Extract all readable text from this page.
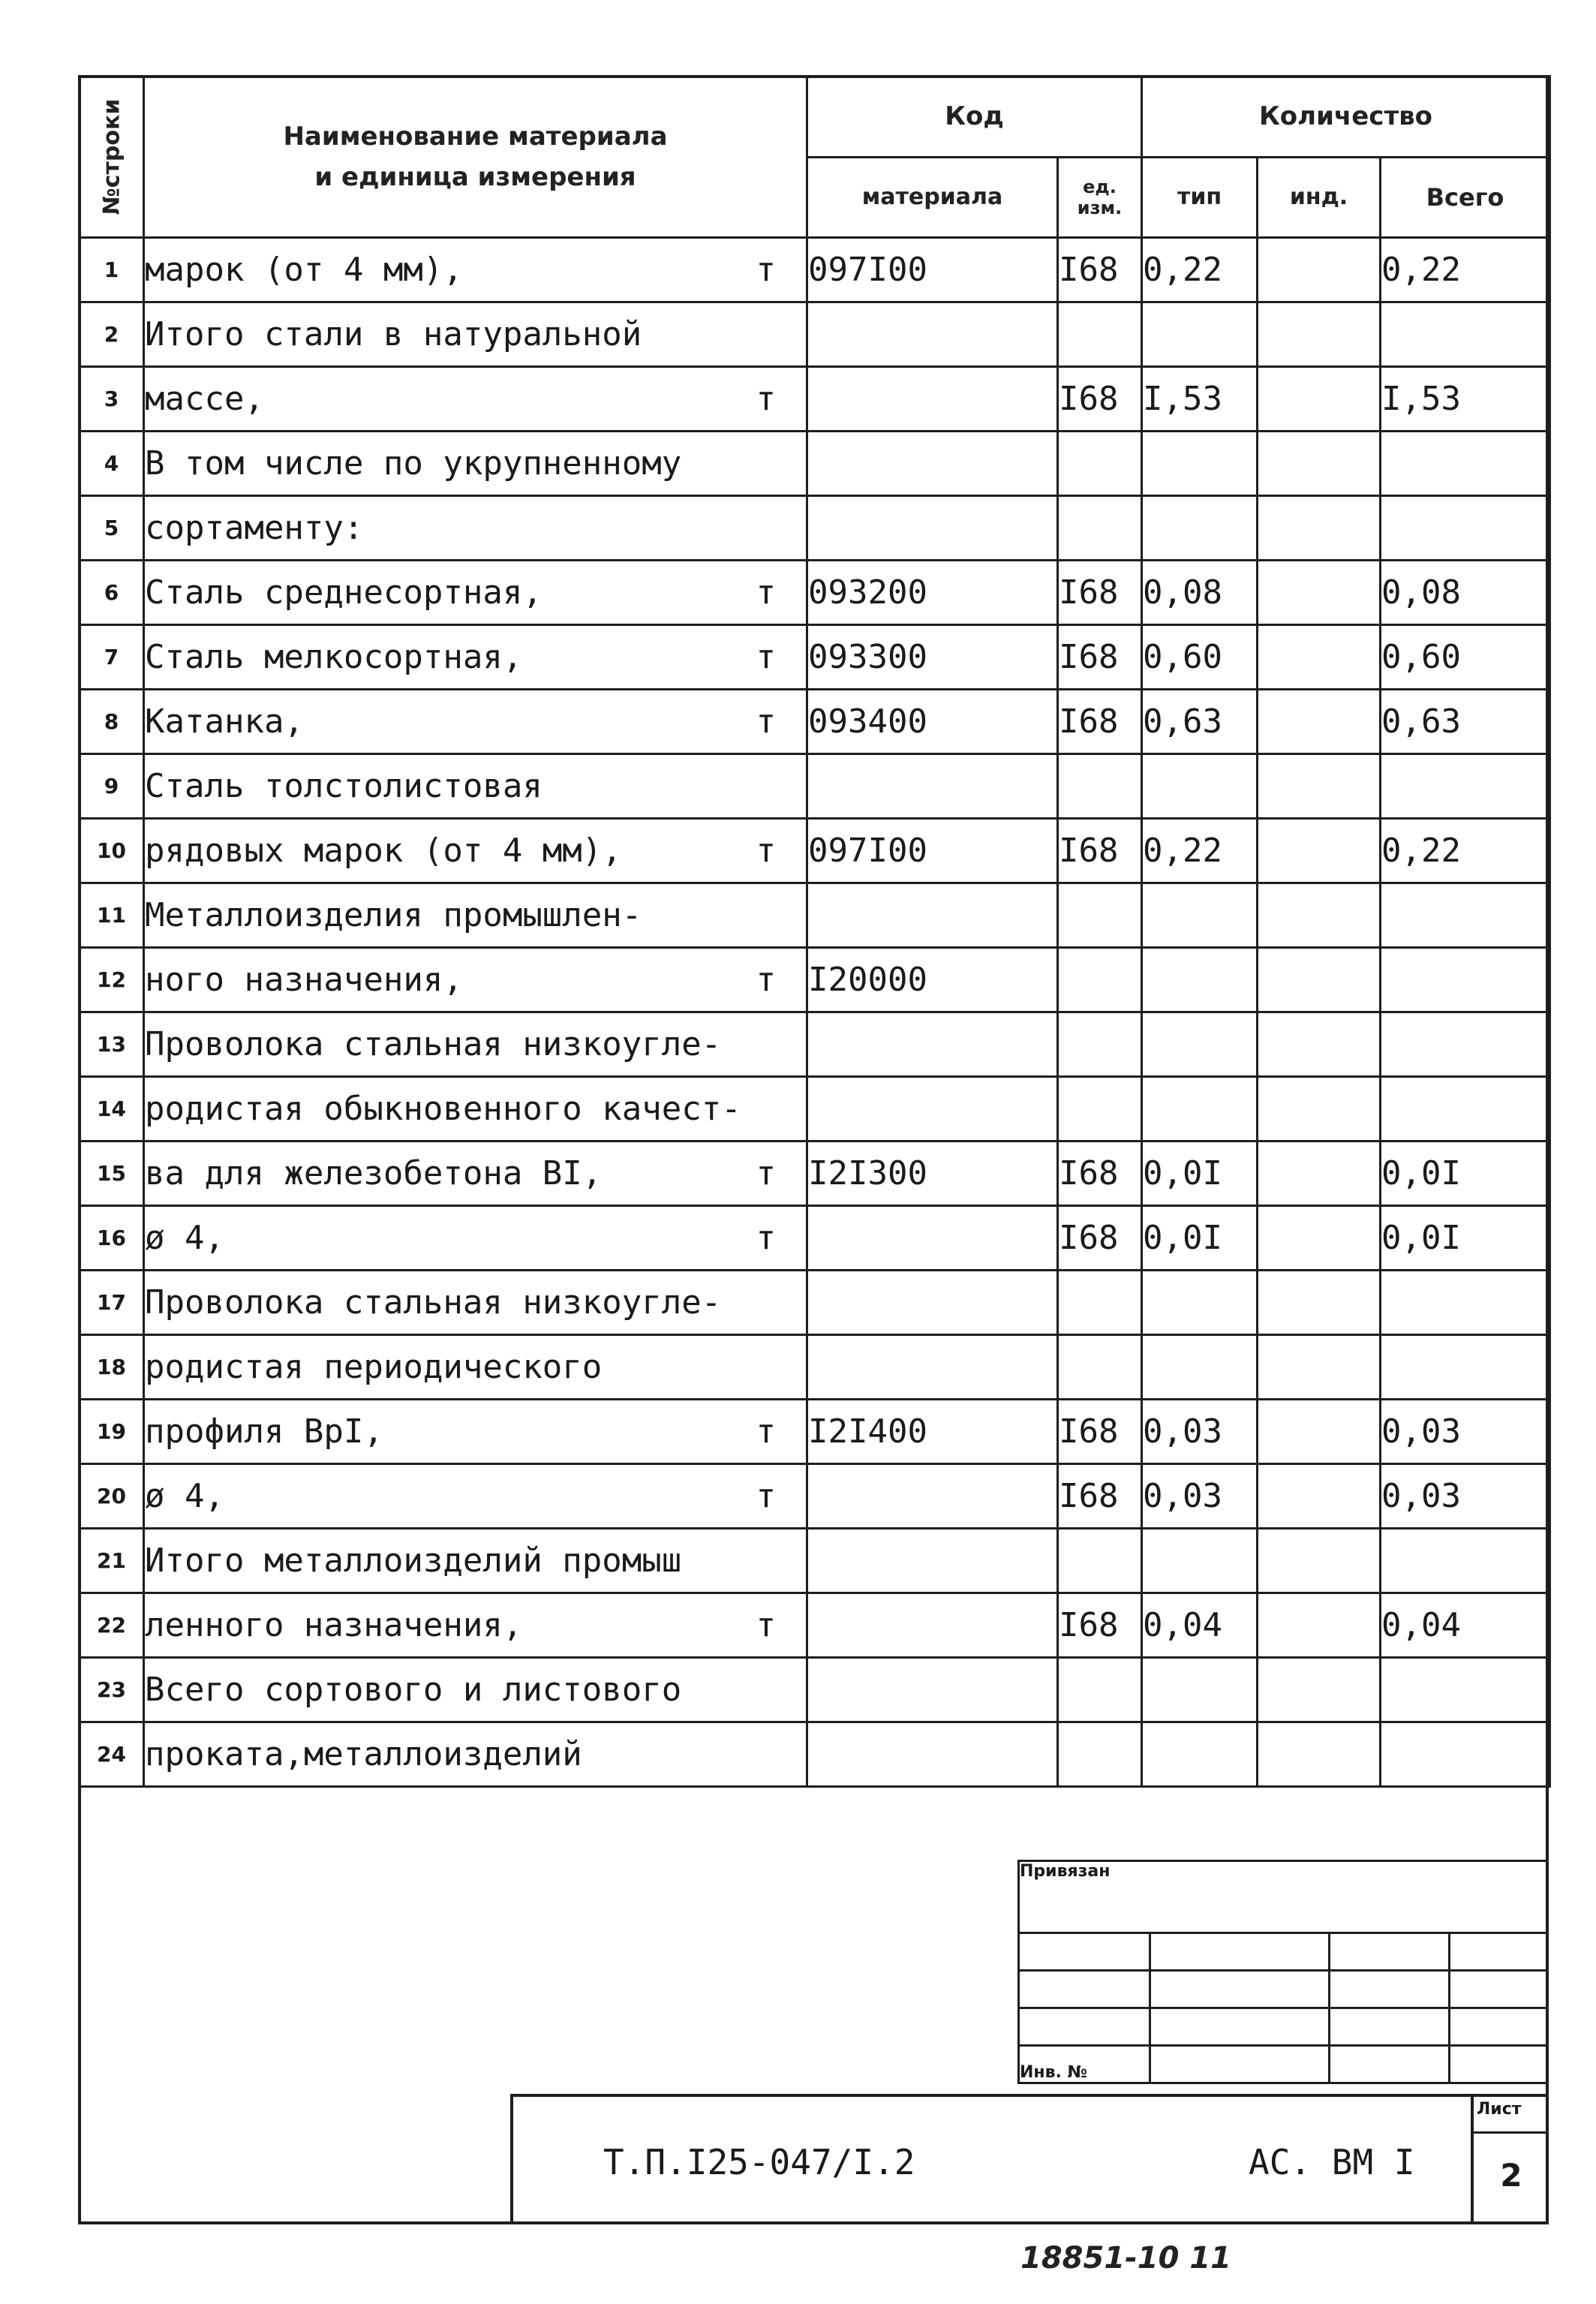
№строки	Наименование материала
и единица измерения	Код		Количество		
		материала	ед. изм.	тип	инд.	Всего
1	марок (от 4 мм), т	097I00	I68	0,22		0,22
2	Итого стали в натуральной					

3	массе, т		I68	I,53		I,53
4	В том числе по укрупненному					

5	сортаменту:					

6	Сталь среднесортная, т	093200	I68	0,08		0,08
7	Сталь мелкосортная, т	093300	I68	0,60		0,60
8	Катанка, т	093400	I68	0,63		0,63
9	Сталь толстолистовая					

10	рядовых марок (от 4 мм), т	097I00	I68	0,22		0,22
11	Металлоизделия промышлен-					

12	ного назначения, т	I20000				
13	Проволока стальная низкоугле-					

14	родистая обыкновенного качест-					

15	ва для железобетона BI, т	I2I300	I68	0,0I		0,0I
16	ø 4, т		I68	0,0I		0,0I
17	Проволока стальная низкоугле-					

18	родистая периодического					

19	профиля BpI, т	I2I400	I68	0,03		0,03
20	ø 4, т		I68	0,03		0,03
21	Итого металлоизделий промыш					

22	ленного назначения, т		I68	0,04		0,04
23	Всего сортового и листового					

24	проката,металлоизделий					

Привязан			

Инв. №			
Т.П.I25-047/I.2	АС. ВМ I
Лист
2
18851-10 11
